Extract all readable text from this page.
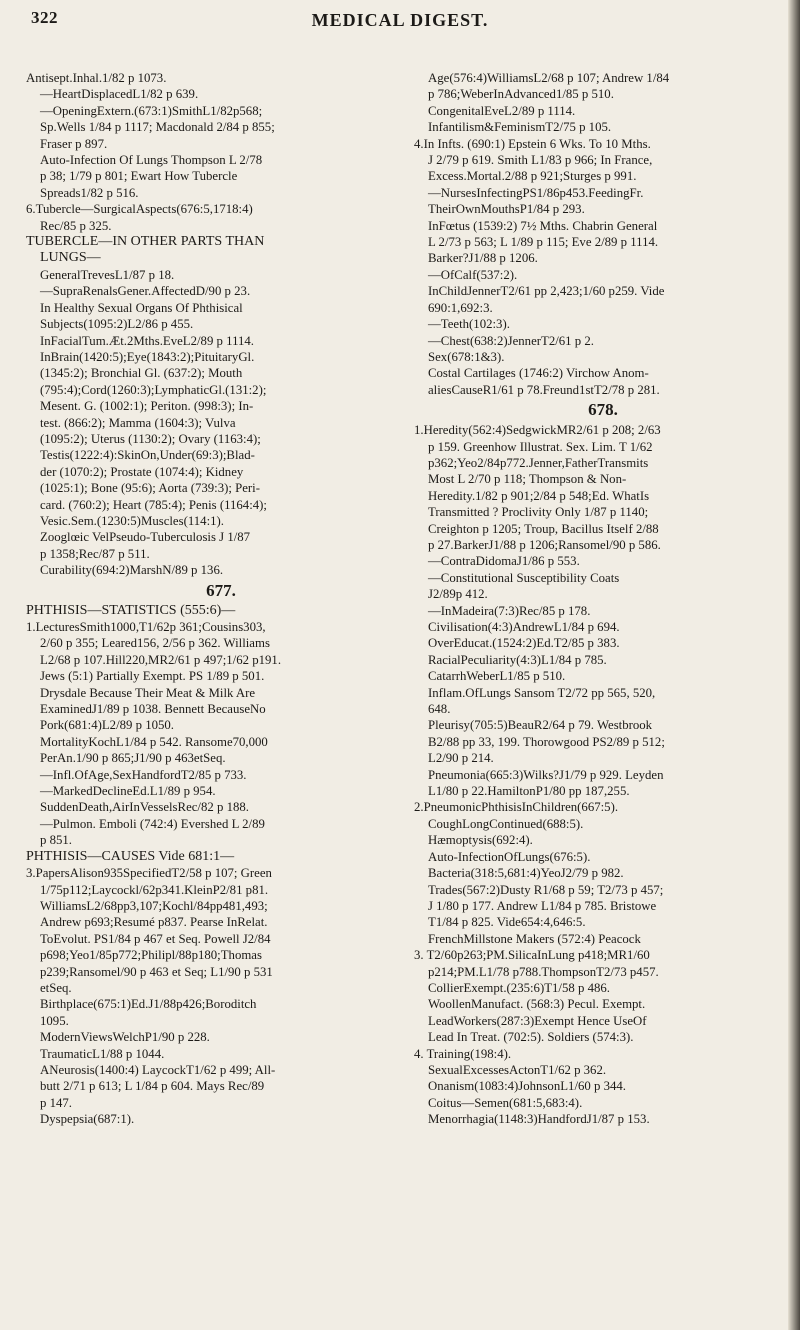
322	MEDICAL DIGEST.
Antisept.Inhal.1/82 p 1073.
—HeartDisplacedL1/82 p 639.
—OpeningExtern.(673:1)SmithL1/82p568;
Sp.Wells 1/84 p 1117; Macdonald 2/84 p 855;
Fraser p 897.
Auto-Infection Of Lungs Thompson L 2/78
p 38; 1/79 p 801; Ewart How Tubercle
Spreads1/82 p 516.
6.Tubercle—SurgicalAspects(676:5,1718:4)
Rec/85 p 325.
TUBERCLE—IN OTHER PARTS THAN
LUNGS—
GeneralTrevesL1/87 p 18.
—SupraRenalsGener.AffectedD/90 p 23.
In Healthy Sexual Organs Of Phthisical
Subjects(1095:2)L2/86 p 455.
InFacialTum.Æt.2Mths.EveL2/89 p 1114.
InBrain(1420:5);Eye(1843:2);PituitaryGl.
(1345:2); Bronchial Gl. (637:2); Mouth
(795:4);Cord(1260:3);LymphaticGl.(131:2);
Mesent. G. (1002:1); Periton. (998:3); In-
test. (866:2); Mamma (1604:3); Vulva
(1095:2); Uterus (1130:2); Ovary (1163:4);
Testis(1222:4):SkinOn,Under(69:3);Blad-
der (1070:2); Prostate (1074:4); Kidney
(1025:1); Bone (95:6); Aorta (739:3); Peri-
card. (760:2); Heart (785:4); Penis (1164:4);
Vesic.Sem.(1230:5)Muscles(114:1).
Zooglœic VelPseudo-Tuberculosis J 1/87
p 1358;Rec/87 p 511.
Curability(694:2)MarshN/89 p 136.
677.
PHTHISIS—STATISTICS (555:6)—
1.LecturesSmith1000,T1/62p 361;Cousins303,
2/60 p 355; Leared156, 2/56 p 362. Williams
L2/68 p 107.Hill220,MR2/61 p 497;1/62 p191.
Jews (5:1) Partially Exempt. PS 1/89 p 501.
Drysdale Because Their Meat & Milk Are
ExaminedJ1/89 p 1038. Bennett BecauseNo
Pork(681:4)L2/89 p 1050.
MortalityKochL1/84 p 542. Ransome70,000
PerAn.1/90 p 865;J1/90 p 463etSeq.
—Infl.OfAge,SexHandfordT2/85 p 733.
—MarkedDeclineEd.L1/89 p 954.
SuddenDeath,AirInVesselsRec/82 p 188.
—Pulmon. Emboli (742:4) Evershed L 2/89
p 851.
PHTHISIS—CAUSES Vide 681:1—
3.PapersAlison935SpecifiedT2/58 p 107; Green
1/75p112;Laycockl/62p341.KleinP2/81 p81.
WilliamsL2/68pp3,107;Kochl/84pp481,493;
Andrew p693;Resumé p837. Pearse InRelat.
ToEvolut. PS1/84 p 467 et Seq. Powell J2/84
p698;Yeo1/85p772;Philipl/88p180;Thomas
p239;Ransomel/90 p 463 et Seq; L1/90 p 531
etSeq.
Birthplace(675:1)Ed.J1/88p426;Boroditch
1095.
ModernViewsWelchP1/90 p 228.
TraumaticL1/88 p 1044.
ANeurosis(1400:4) LaycockT1/62 p 499; All-
butt 2/71 p 613; L 1/84 p 604. Mays Rec/89
p 147.
Dyspepsia(687:1).
Age(576:4)WilliamsL2/68 p 107; Andrew 1/84
p 786;WeberInAdvanced1/85 p 510.
CongenitalEveL2/89 p 1114.
Infantilism&FeminismT2/75 p 105.
4.In Infts. (690:1) Epstein 6 Wks. To 10 Mths.
J 2/79 p 619. Smith L1/83 p 966; In France,
Excess.Mortal.2/88 p 921;Sturges p 991.
—NursesInfectingPS1/86p453.FeedingFr.
TheirOwnMouthsP1/84 p 293.
InFœtus (1539:2) 7½ Mths. Chabrin General
L 2/73 p 563; L 1/89 p 115; Eve 2/89 p 1114.
Barker?J1/88 p 1206.
—OfCalf(537:2).
InChildJennerT2/61 pp 2,423;1/60 p259. Vide
690:1,692:3.
—Teeth(102:3).
—Chest(638:2)JennerT2/61 p 2.
Sex(678:1&3).
Costal Cartilages (1746:2) Virchow Anom-
aliesCauseR1/61 p 78.Freund1stT2/78 p 281.
678.
1.Heredity(562:4)SedgwickMR2/61 p 208; 2/63
p 159. Greenhow Illustrat. Sex. Lim. T 1/62
p362;Yeo2/84p772.Jenner,FatherTransmits
Most L 2/70 p 118; Thompson & Non-
Heredity.1/82 p 901;2/84 p 548;Ed. WhatIs
Transmitted ? Proclivity Only 1/87 p 1140;
Creighton p 1205; Troup, Bacillus Itself 2/88
p 27.BarkerJ1/88 p 1206;Ransomel/90 p 586.
—ContraDidomaJ1/86 p 553.
—Constitutional Susceptibility Coats
J2/89p 412.
—InMadeira(7:3)Rec/85 p 178.
Civilisation(4:3)AndrewL1/84 p 694.
OverEducat.(1524:2)Ed.T2/85 p 383.
RacialPeculiarity(4:3)L1/84 p 785.
CatarrhWeberL1/85 p 510.
Inflam.OfLungs Sansom T2/72 pp 565, 520,
648.
Pleurisy(705:5)BeauR2/64 p 79. Westbrook
B2/88 pp 33, 199. Thorowgood PS2/89 p 512;
L2/90 p 214.
Pneumonia(665:3)Wilks?J1/79 p 929. Leyden
L1/80 p 22.HamiltonP1/80 pp 187,255.
2.PneumonicPhthisisInChildren(667:5).
CoughLongContinued(688:5).
Hæmoptysis(692:4).
Auto-InfectionOfLungs(676:5).
Bacteria(318:5,681:4)YeoJ2/79 p 982.
Trades(567:2)Dusty R1/68 p 59; T2/73 p 457;
J 1/80 p 177. Andrew L1/84 p 785. Bristowe
T1/84 p 825. Vide654:4,646:5.
FrenchMillstone Makers (572:4) Peacock
3. T2/60p263;PM.SilicaInLung p418;MR1/60
p214;PM.L1/78 p788.ThompsonT2/73 p457.
CollierExempt.(235:6)T1/58 p 486.
WoollenManufact. (568:3) Pecul. Exempt.
LeadWorkers(287:3)Exempt Hence UseOf
Lead In Treat. (702:5). Soldiers (574:3).
4. Training(198:4).
SexualExcessesActonT1/62 p 362.
Onanism(1083:4)JohnsonL1/60 p 344.
Coitus—Semen(681:5,683:4).
Menorrhagia(1148:3)HandfordJ1/87 p 153.
